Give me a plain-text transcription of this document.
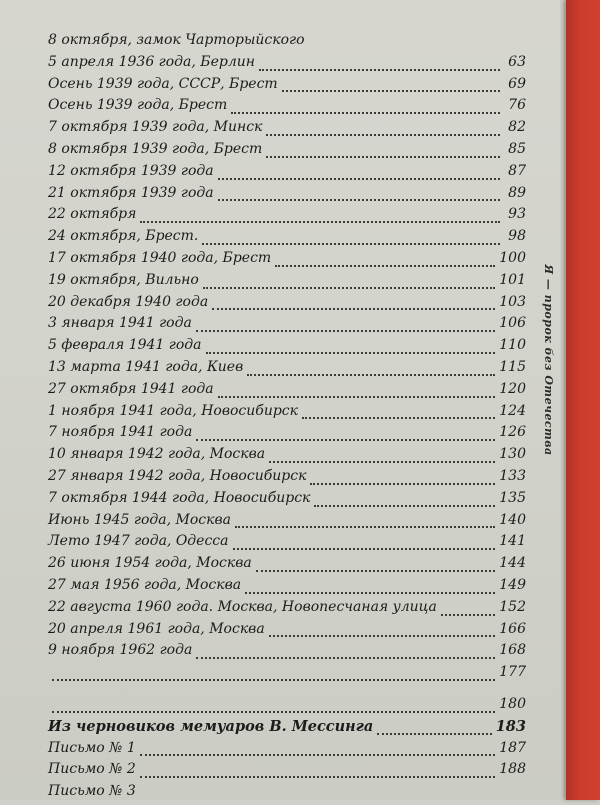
Я — пророк без Отечества
8 октября, замок Чарторыйского
5 апреля 1936 года, Берлин	63
Осень 1939 года, СССР, Брест	69
Осень 1939 года, Брест	76
7 октября 1939 года, Минск	82
8 октября 1939 года, Брест	85
12 октября 1939 года	87
21 октября 1939 года	89
22 октября	93
24 октября, Брест.	98
17 октября 1940 года, Брест	100
19 октября, Вильно	101
20 декабря 1940 года	103
3 января 1941 года	106
5 февраля 1941 года	110
13 марта 1941 года, Киев	115
27 октября 1941 года	120
1 ноября 1941 года, Новосибирск	124
7 ноября 1941 года	126
10 января 1942 года, Москва	130
27 января 1942 года, Новосибирск	133
7 октября 1944 года, Новосибирск	135
Июнь 1945 года, Москва	140
Лето 1947 года, Одесса	141
26 июня 1954 года, Москва	144
27 мая 1956 года, Москва	149
22 августа 1960 года. Москва, Новопесчаная улица	152
20 апреля 1961 года, Москва	166
9 ноября 1962 года	168
177
180
Из черновиков мемуаров В. Мессинга	183
Письмо № 1	187
Письмо № 2	188
Письмо № 3
